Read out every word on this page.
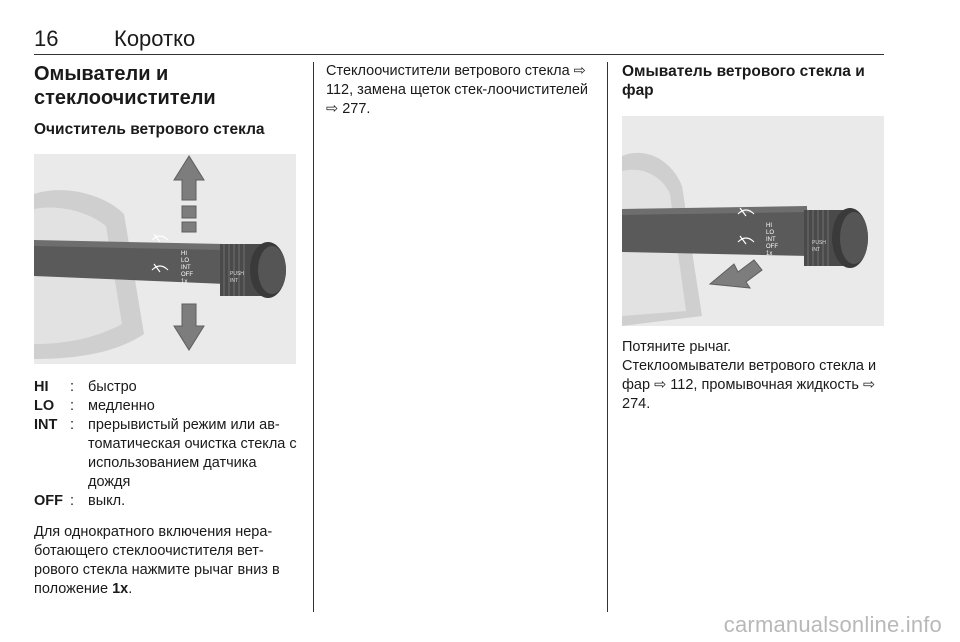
16	Коротко
Омыватели и стеклоочистители
Очиститель ветрового стекла
HI
LO
INT
OFF
1x
PUSH
INT
HI	: быстро
LO	: медленно
INT : прерывистый режим или ав-томатическая очистка стекла с использованием датчика дождя
OFF : выкл.

Для однократного включения нера-ботающего стеклоочистителя вет-рового стекла нажмите рычаг вниз в положение 1x.

Стеклоочистители ветрового стекла ⇨ 112, замена щеток стек-лоочистителей ⇨ 277.

Омыватель ветрового стекла и фар
HI
LO
INT
OFF
1x
PUSH
INT

Потяните рычаг.

Стеклоомыватели ветрового стекла и фар ⇨ 112, промывочная жидкость ⇨ 274.

carmanualsonline.info
